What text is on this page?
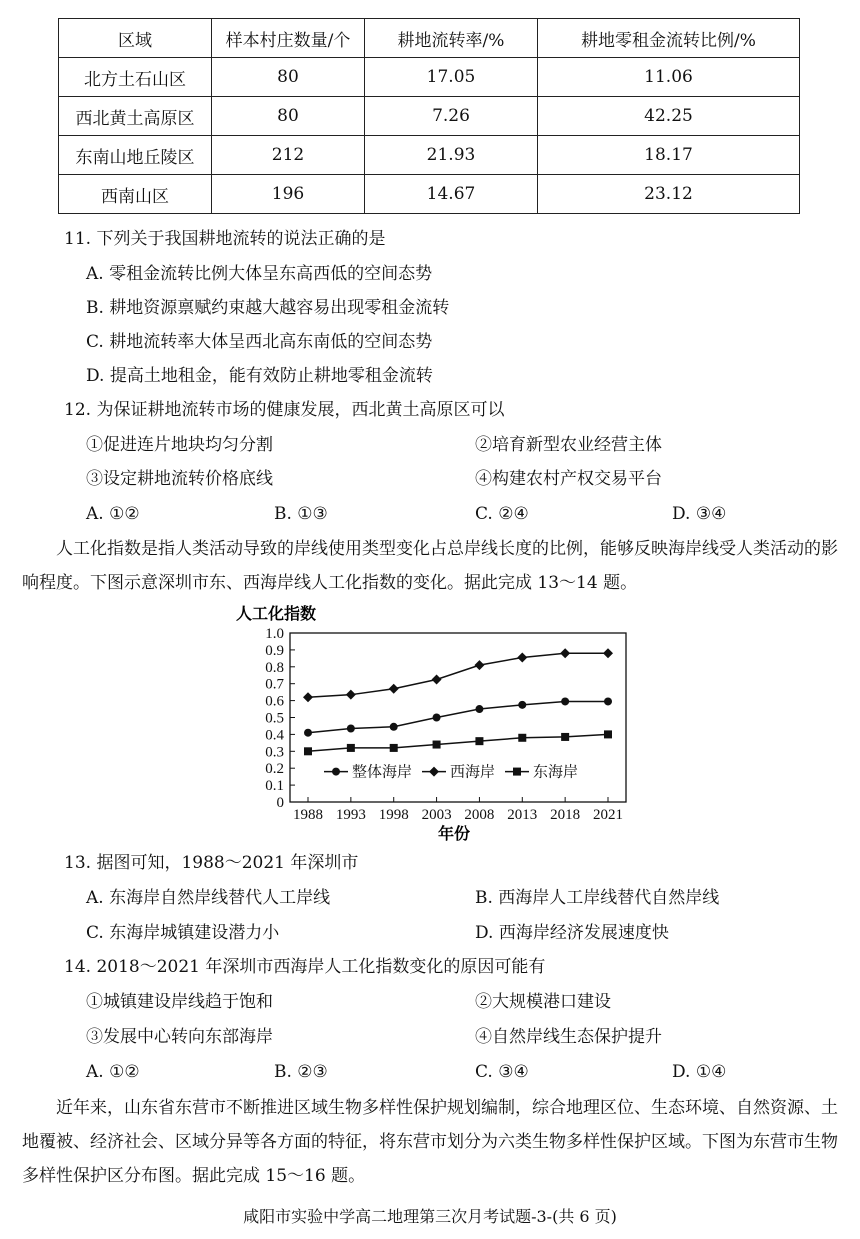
区域	样本村庄数量/个	耕地流转率/%	耕地零租金流转比例/%
北方土石山区	80	17.05	11.06
西北黄土高原区	80	7.26	42.25
东南山地丘陵区	212	21.93	18.17
西南山区	196	14.67	23.12
11. 下列关于我国耕地流转的说法正确的是
A. 零租金流转比例大体呈东高西低的空间态势
B. 耕地资源禀赋约束越大越容易出现零租金流转
C. 耕地流转率大体呈西北高东南低的空间态势
D. 提高土地租金，能有效防止耕地零租金流转
12. 为保证耕地流转市场的健康发展，西北黄土高原区可以
①促进连片地块均匀分割	②培育新型农业经营主体
③设定耕地流转价格底线	④构建农村产权交易平台
A. ①②	B. ①③	C. ②④	D. ③④
人工化指数是指人类活动导致的岸线使用类型变化占总岸线长度的比例，能够反映海岸线受人类活动的影响程度。下图示意深圳市东、西海岸线人工化指数的变化。据此完成 13～14 题。
人工化指数
年份
0
0.1
0.2
0.3
0.4
0.5
0.6
0.7
0.8
0.9
1.0
1988 1993 1998 2003 2008 2013 2018 2021
整体海岸	西海岸	东海岸
13. 据图可知，1988～2021 年深圳市
A. 东海岸自然岸线替代人工岸线	B. 西海岸人工岸线替代自然岸线
C. 东海岸城镇建设潜力小	D. 西海岸经济发展速度快
14. 2018～2021 年深圳市西海岸人工化指数变化的原因可能有
①城镇建设岸线趋于饱和	②大规模港口建设
③发展中心转向东部海岸	④自然岸线生态保护提升
A. ①②	B. ②③	C. ③④	D. ①④
近年来，山东省东营市不断推进区域生物多样性保护规划编制，综合地理区位、生态环境、自然资源、土地覆被、经济社会、区域分异等各方面的特征，将东营市划分为六类生物多样性保护区域。下图为东营市生物多样性保护区分布图。据此完成 15～16 题。
咸阳市实验中学高二地理第三次月考试题-3-(共 6 页)
